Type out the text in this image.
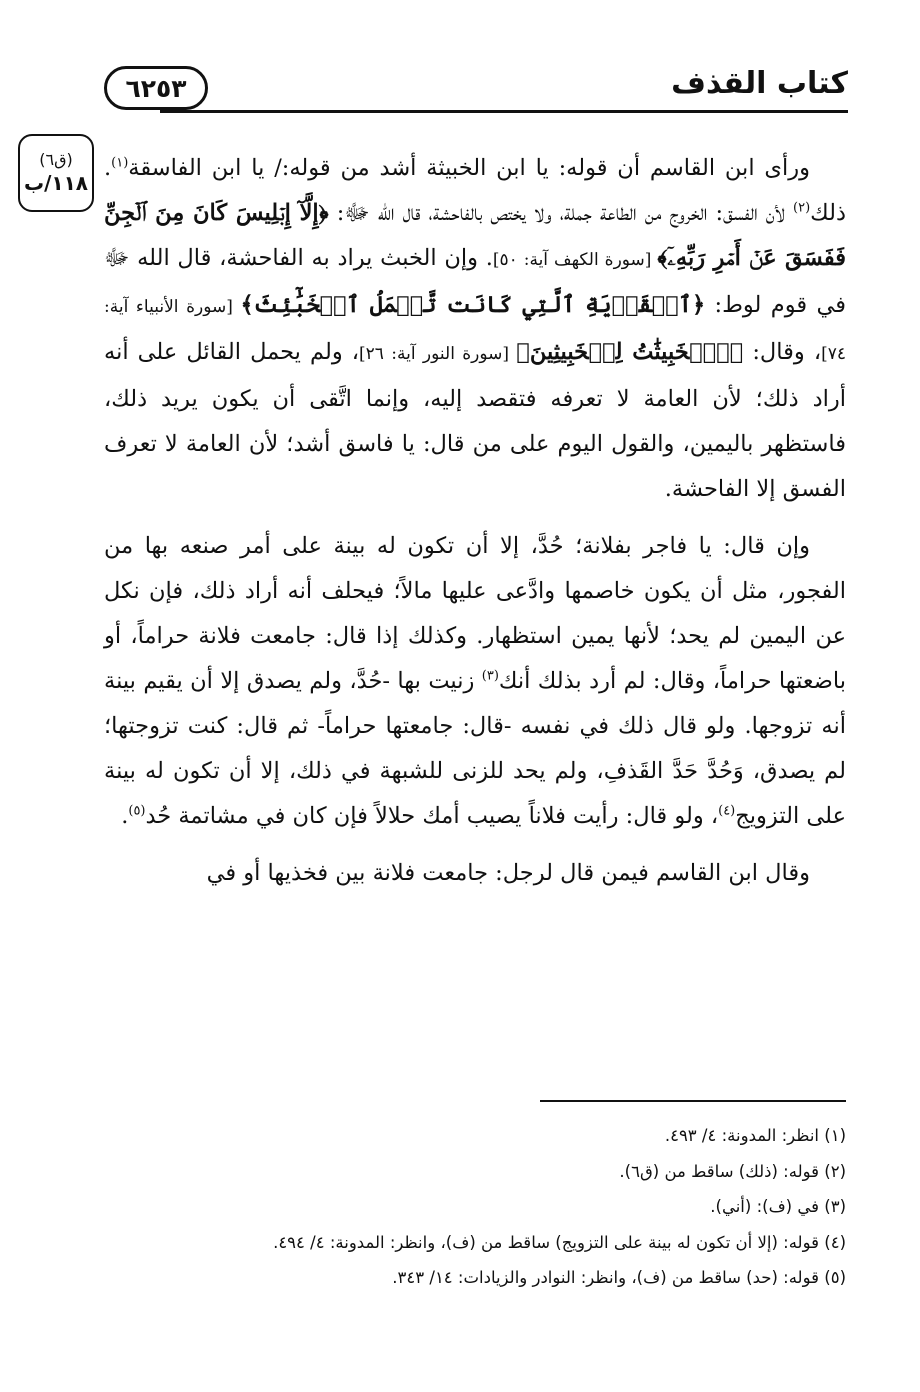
كتاب القذف
٦٢٥٣
(ق٦)
١١٨/ب

ورأى ابن القاسم أن قوله: يا ابن الخبيثة أشد من قوله:/ يا ابن الفاسقة$^{(١)}$. ذلك$^{(٢)}$ لأن الفسق: الخروج من الطاعة جملة، ولا يختص بالفاحشة، قال الله ﷻ: ﴿إِلَّآ إِبۡلِيسَ كَانَ مِنَ ٱلۡجِنِّ فَفَسَقَ عَنۡ أَمۡرِ رَبِّهِۦٓ﴾ [سورة الكهف آية: ٥٠]. وإن الخبث يراد به الفاحشة، قال الله ﷻ في قوم لوط: ﴿ٱلۡقَرۡيَةِ ٱلَّتِي كَانَت تَّعۡمَلُ ٱلۡخَبَٰٓئِثَ﴾ [سورة الأنبياء آية: ٧٤]، وقال: ﴿ٱلۡخَبِيثَٰتُ لِلۡخَبِيثِينَ﴾ [سورة النور آية: ٢٦]، ولم يحمل القائل على أنه أراد ذلك؛ لأن العامة لا تعرفه فتقصد إليه، وإنما اتَّقى أن يكون يريد ذلك، فاستظهر باليمين، والقول اليوم على من قال: يا فاسق أشد؛ لأن العامة لا تعرف الفسق إلا الفاحشة.

وإن قال: يا فاجر بفلانة؛ حُدَّ، إلا أن تكون له بينة على أمر صنعه بها من الفجور، مثل أن يكون خاصمها وادَّعى عليها مالاً؛ فيحلف أنه أراد ذلك، فإن نكل عن اليمين لم يحد؛ لأنها يمين استظهار. وكذلك إذا قال: جامعت فلانة حراماً، أو باضعتها حراماً، وقال: لم أرد بذلك أنك$^{(٣)}$ زنيت بها -حُدَّ، ولم يصدق إلا أن يقيم بينة أنه تزوجها. ولو قال ذلك في نفسه -قال: جامعتها حراماً- ثم قال: كنت تزوجتها؛ لم يصدق، وَحُدَّ حَدَّ القَذفِ، ولم يحد للزنى للشبهة في ذلك، إلا أن تكون له بينة على التزويج$^{(٤)}$، ولو قال: رأيت فلاناً يصيب أمك حلالاً فإن كان في مشاتمة حُد$^{(٥)}$.

وقال ابن القاسم فيمن قال لرجل: جامعت فلانة بين فخذيها أو في

(١) انظر: المدونة: ٤/ ٤٩٣.

(٢) قوله: (ذلك) ساقط من (ق٦).

(٣) في (ف): (أني).

(٤) قوله: (إلا أن تكون له بينة على التزويج) ساقط من (ف)، وانظر: المدونة: ٤/ ٤٩٤.

(٥) قوله: (حد) ساقط من (ف)، وانظر: النوادر والزيادات: ١٤/ ٣٤٣.
